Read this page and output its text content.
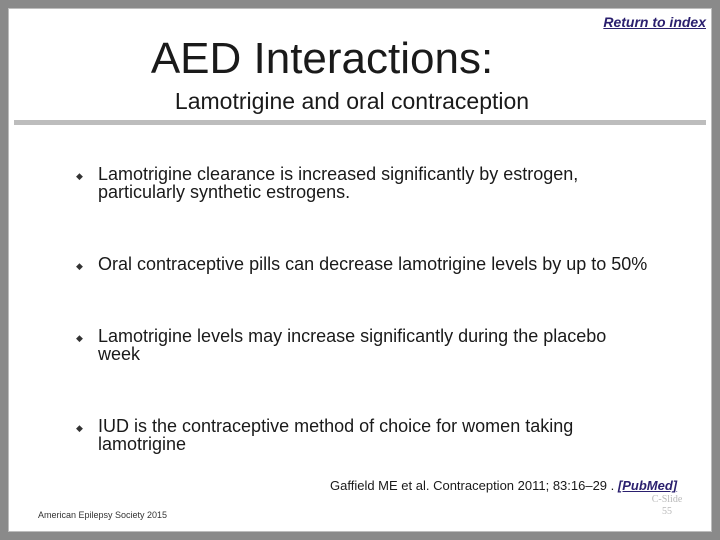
AED Interactions:
Return to index
Lamotrigine and oral contraception
◆ Lamotrigine clearance is increased significantly by estrogen, particularly synthetic estrogens.
◆ Oral contraceptive pills can decrease lamotrigine levels by up to 50%
◆ Lamotrigine levels may increase significantly during the placebo week
◆ IUD is the contraceptive method of choice for women taking lamotrigine
Gaffield ME et al. Contraception 2011; 83:16–29 . [PubMed]
American Epilepsy Society 2015
C-Slide
55
